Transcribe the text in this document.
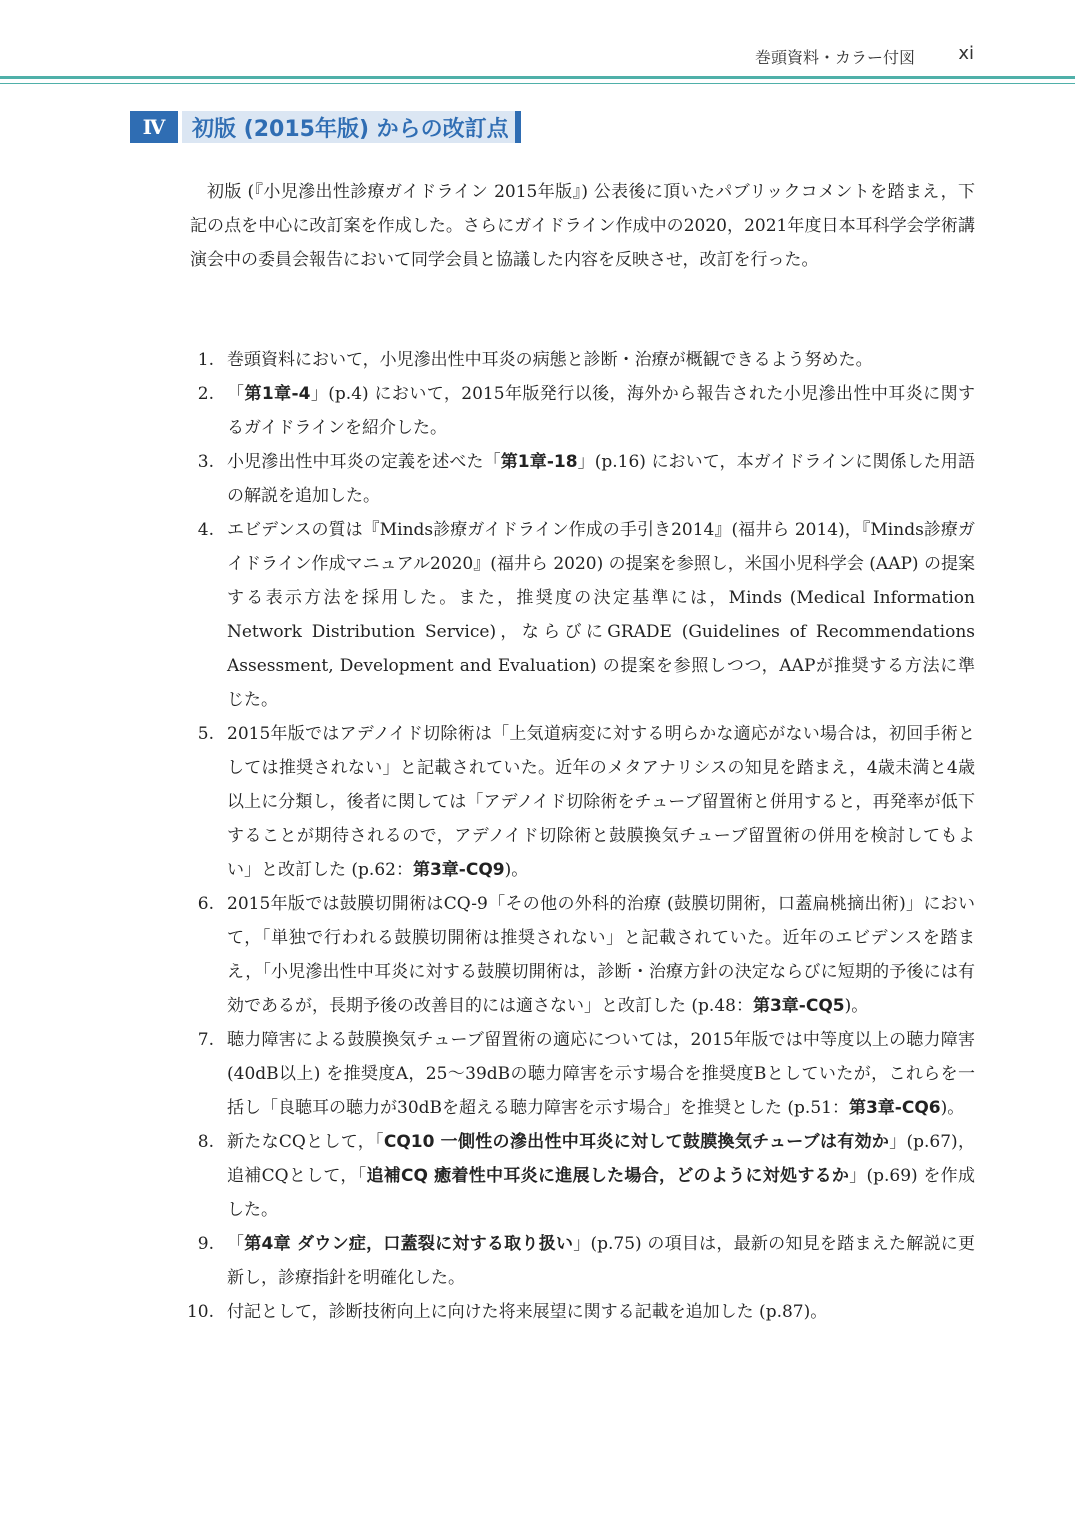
巻頭資料・カラー付図 xi
Ⅳ	初版 (2015年版) からの改訂点

初版 (『小児滲出性診療ガイドライン 2015年版』) 公表後に頂いたパブリックコメントを踏まえ，下記の点を中心に改訂案を作成した。さらにガイドライン作成中の2020，2021年度日本耳科学会学術講演会中の委員会報告において同学会員と協議した内容を反映させ，改訂を行った。

1. 巻頭資料において，小児滲出性中耳炎の病態と診断・治療が概観できるよう努めた。
2. 「第1章-4」(p.4) において，2015年版発行以後，海外から報告された小児滲出性中耳炎に関するガイドラインを紹介した。
3. 小児滲出性中耳炎の定義を述べた「第1章-18」(p.16) において，本ガイドラインに関係した用語の解説を追加した。
4. エビデンスの質は『Minds診療ガイドライン作成の手引き2014』(福井ら 2014)，『Minds診療ガイドライン作成マニュアル2020』(福井ら 2020) の提案を参照し，米国小児科学会 (AAP) の提案する表示方法を採用した。また，推奨度の決定基準には，Minds (Medical Information Network Distribution Service)，ならびにGRADE (Guidelines of Recommendations Assessment, Development and Evaluation) の提案を参照しつつ，AAPが推奨する方法に準じた。
5. 2015年版ではアデノイド切除術は「上気道病変に対する明らかな適応がない場合は，初回手術としては推奨されない」と記載されていた。近年のメタアナリシスの知見を踏まえ，4歳未満と4歳以上に分類し，後者に関しては「アデノイド切除術をチューブ留置術と併用すると，再発率が低下することが期待されるので，アデノイド切除術と鼓膜換気チューブ留置術の併用を検討してもよい」と改訂した (p.62：第3章-CQ9)。
6. 2015年版では鼓膜切開術はCQ-9「その他の外科的治療 (鼓膜切開術，口蓋扁桃摘出術)」において，「単独で行われる鼓膜切開術は推奨されない」と記載されていた。近年のエビデンスを踏まえ，「小児滲出性中耳炎に対する鼓膜切開術は，診断・治療方針の決定ならびに短期的予後には有効であるが，長期予後の改善目的には適さない」と改訂した (p.48：第3章-CQ5)。
7. 聴力障害による鼓膜換気チューブ留置術の適応については，2015年版では中等度以上の聴力障害 (40dB以上) を推奨度A，25〜39dBの聴力障害を示す場合を推奨度Bとしていたが，これらを一括し「良聴耳の聴力が30dBを超える聴力障害を示す場合」を推奨とした (p.51：第3章-CQ6)。
8. 新たなCQとして，「CQ10 一側性の滲出性中耳炎に対して鼓膜換気チューブは有効か」(p.67)，追補CQとして，「追補CQ 癒着性中耳炎に進展した場合，どのように対処するか」(p.69) を作成した。
9. 「第4章 ダウン症，口蓋裂に対する取り扱い」(p.75) の項目は，最新の知見を踏まえた解説に更新し，診療指針を明確化した。
10. 付記として，診断技術向上に向けた将来展望に関する記載を追加した (p.87)。
